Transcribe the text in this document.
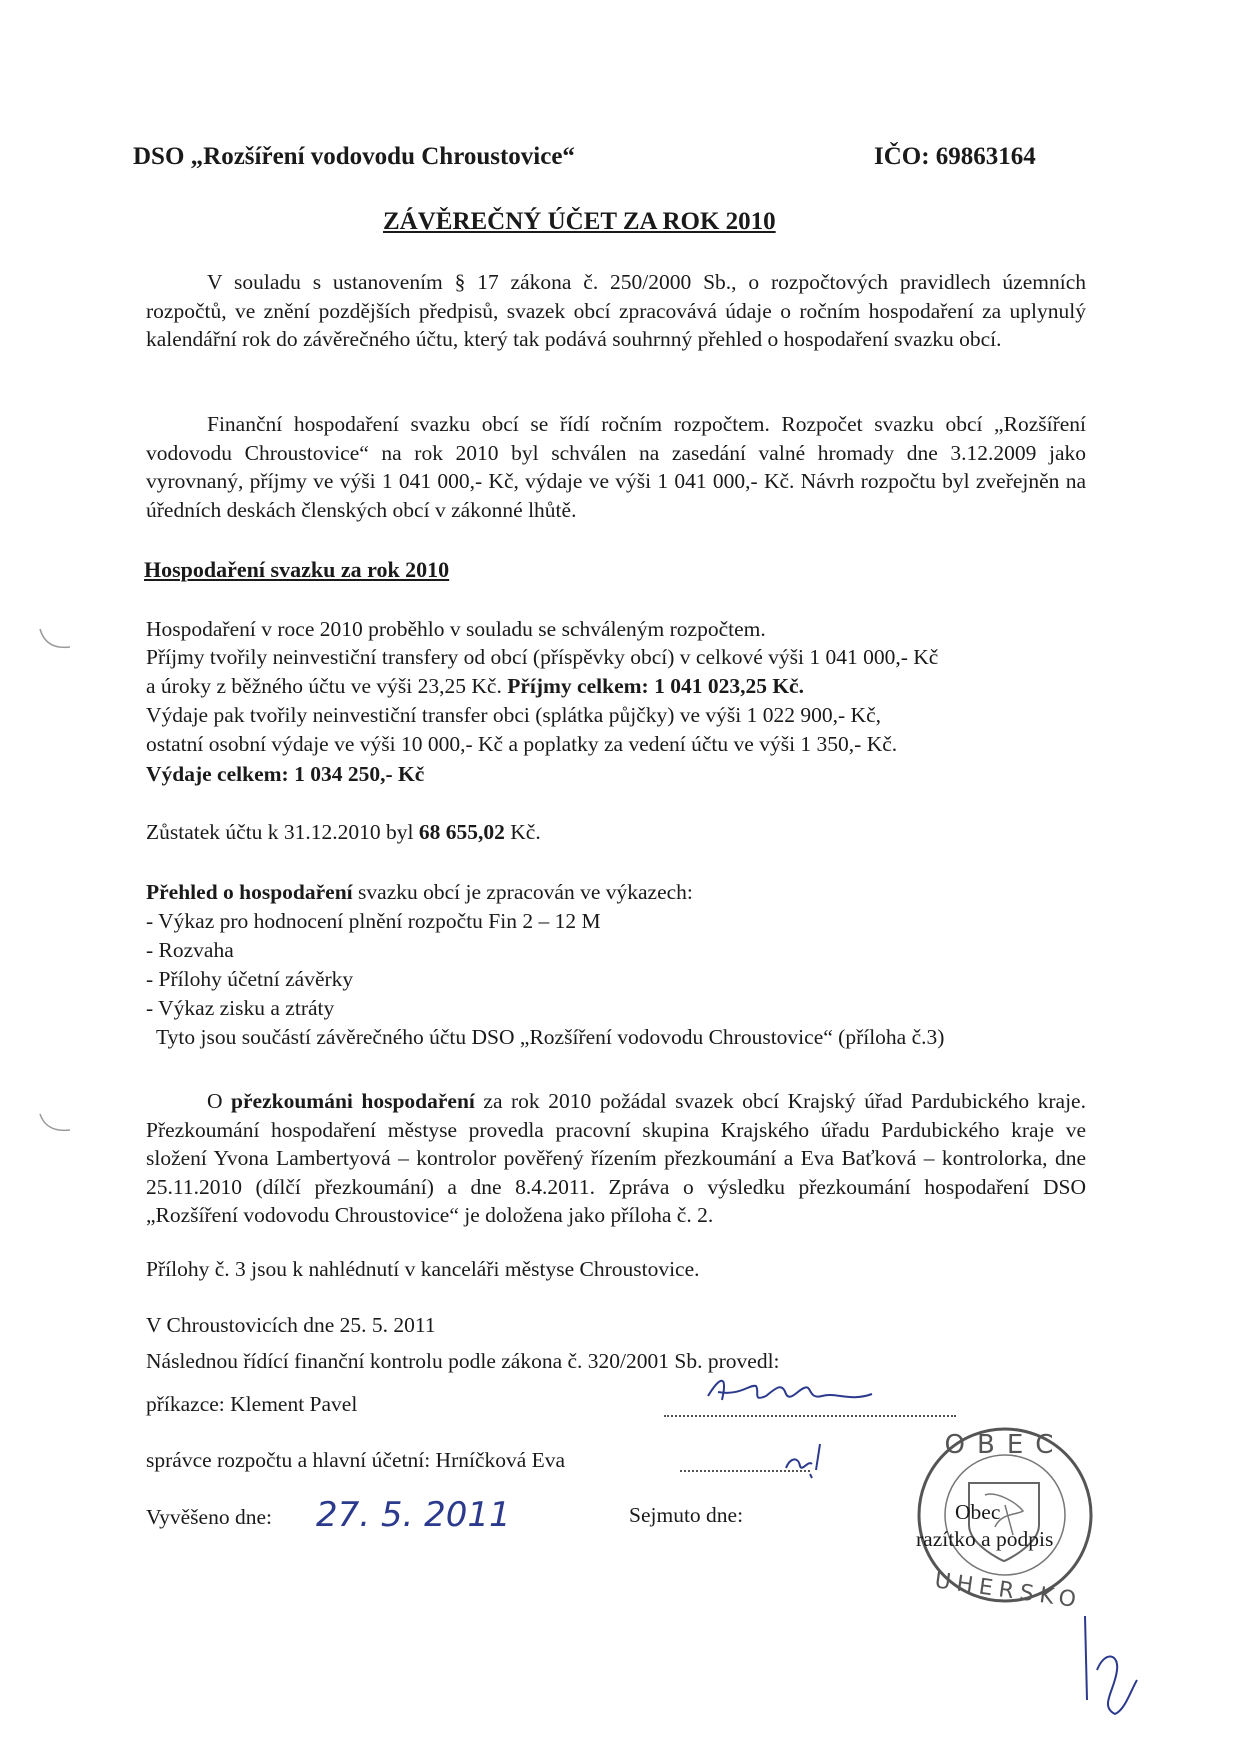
DSO „Rozšíření vodovodu Chroustovice“	IČO: 69863164
ZÁVĚREČNÝ ÚČET ZA ROK 2010
V souladu s ustanovením § 17 zákona č. 250/2000 Sb., o rozpočtových pravidlech územních rozpočtů, ve znění pozdějších předpisů, svazek obcí zpracovává údaje o ročním hospodaření za uplynulý kalendářní rok do závěrečného účtu, který tak podává souhrnný přehled o hospodaření svazku obcí.
Finanční hospodaření svazku obcí se řídí ročním rozpočtem. Rozpočet svazku obcí „Rozšíření vodovodu Chroustovice“ na rok 2010 byl schválen na zasedání valné hromady dne 3.12.2009 jako vyrovnaný, příjmy ve výši 1 041 000,- Kč, výdaje ve výši 1 041 000,- Kč. Návrh rozpočtu byl zveřejněn na úředních deskách členských obcí v zákonné lhůtě.
Hospodaření svazku za rok 2010
Hospodaření v roce 2010 proběhlo v souladu se schváleným rozpočtem.
Příjmy tvořily neinvestiční transfery od obcí (příspěvky obcí) v celkové výši 1 041 000,- Kč
a úroky z běžného účtu ve výši 23,25 Kč. Příjmy celkem: 1 041 023,25 Kč.
Výdaje pak tvořily neinvestiční transfer obci (splátka půjčky) ve výši 1 022 900,- Kč,
ostatní osobní výdaje ve výši 10 000,- Kč a poplatky za vedení účtu ve výši 1 350,- Kč.
Výdaje celkem: 1 034 250,- Kč
Zůstatek účtu k 31.12.2010 byl 68 655,02 Kč.
Přehled o hospodaření svazku obcí je zpracován ve výkazech:
- Výkaz pro hodnocení plnění rozpočtu Fin 2 – 12 M
- Rozvaha
- Přílohy účetní závěrky
- Výkaz zisku a ztráty
Tyto jsou součástí závěrečného účtu DSO „Rozšíření vodovodu Chroustovice“ (příloha č.3)
O přezkoumáni hospodaření za rok 2010 požádal svazek obcí Krajský úřad Pardubického kraje. Přezkoumání hospodaření městyse provedla pracovní skupina Krajského úřadu Pardubického kraje ve složení Yvona Lambertyová – kontrolor pověřený řízením přezkoumání a Eva Baťková – kontrolorka, dne 25.11.2010 (dílčí přezkoumání) a dne 8.4.2011. Zpráva o výsledku přezkoumání hospodaření DSO „Rozšíření vodovodu Chroustovice“ je doložena jako příloha č. 2.
Přílohy č. 3 jsou k nahlédnutí v kanceláři městyse Chroustovice.
V Chroustovicích dne 25. 5. 2011
Následnou řídící finanční kontrolu podle zákona č. 320/2001 Sb. provedl:
příkazce: Klement Pavel
správce rozpočtu a hlavní účetní: Hrníčková Eva
Vyvěšeno dne: 27. 5. 2011	Sejmuto dne:
OBEC
UHERSKO
Obec
razítko a podpis
